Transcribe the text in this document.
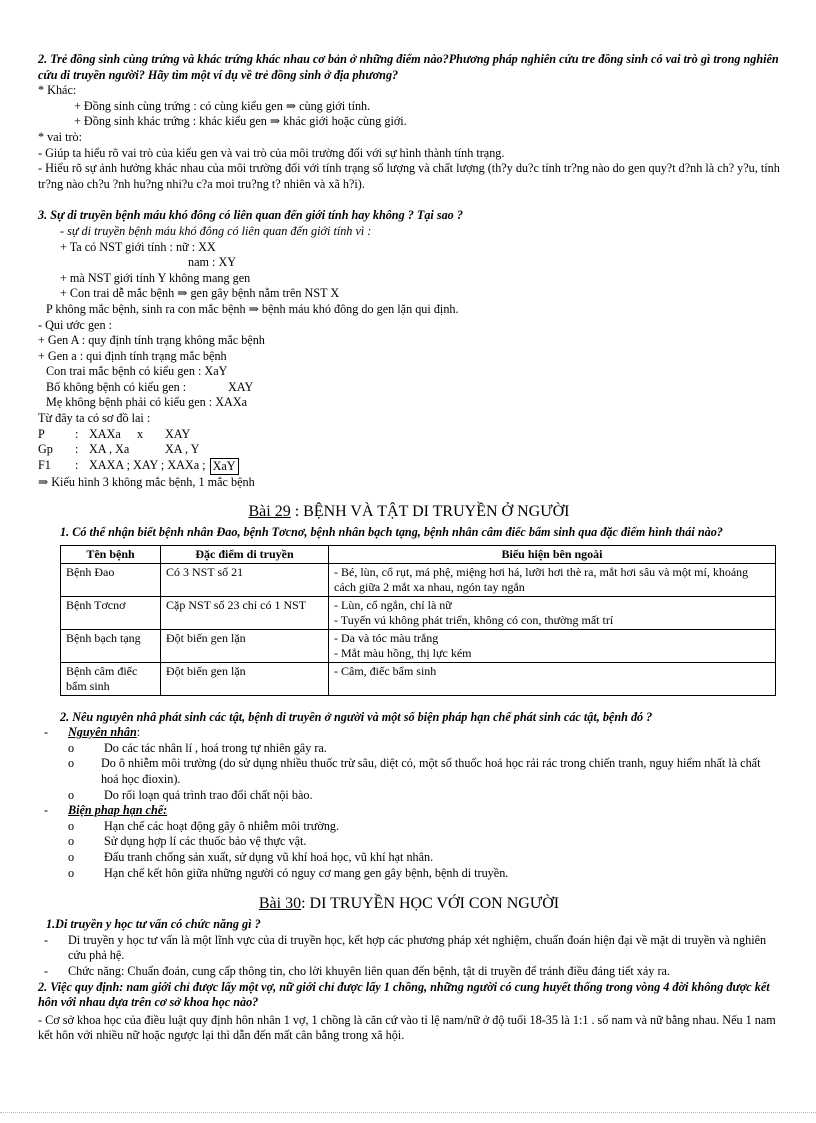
2. Trẻ đồng sinh cùng trứng và khác trứng khác nhau cơ bản ở những điểm nào?Phương pháp nghiên cứu tre đồng sinh có vai trò gì trong nghiên cứu di truyền người? Hãy tìm một ví dụ về trẻ đồng sinh ở địa phương?
* Khác:
+ Đồng sinh cùng trứng : có cùng kiểu gen ⇒ cùng giới tính.
+ Đồng sinh khác trứng : khác kiểu gen ⇒ khác giới hoặc cùng giới.
* vai trò:
- Giúp ta hiểu rõ vai trò của kiểu gen và vai trò của môi trường đối với sự hình thành tính trạng.
- Hiểu rõ sự ảnh hưởng khác nhau của môi trường đối với tính trạng số lượng và chất lượng (th?y du?c tính tr?ng nào do gen quy?t d?nh là ch? y?u, tính tr?ng nào ch?u ?nh hu?ng nhi?u c?a moi tru?ng t? nhiên và xã h?i).
3. Sự di truyền bệnh máu khó đông có liên quan đến giới tính hay không ? Tại sao ?
- sự di truyền bệnh máu khó đông có liên quan đến giới tính vì :
+ Ta có NST giới tính : nữ : XX
nam : XY
+ mà NST giới tính Y không mang gen
+ Con trai dễ mắc bệnh ⇒ gen gây bệnh nằm trên NST X
P không mắc bệnh, sinh ra con mắc bệnh ⇒ bệnh máu khó đông do gen lặn qui định.
- Qui ước gen :
+ Gen A : quy định tính trạng không mắc bệnh
+ Gen a : qui định tính trạng mắc bệnh
Con trai mắc bệnh có kiểu gen : XaY
Bố không bệnh có kiểu gen :	XAY
Mẹ không bệnh phải có kiểu gen : XAXa
Từ đây ta có sơ đồ lai :
P	: XAXa	x	XAY
Gp	: XA , Xa	XA , Y
F1	: XAXA ; XAY ; XAXa ; XaY
⇒ Kiểu hình 3 không mắc bệnh, 1 mắc bệnh
Bài 29 : BỆNH VÀ TẬT DI TRUYỀN Ở NGƯỜI
1. Có thể nhận biết bệnh nhân Đao, bệnh Tơcnơ, bệnh nhân bạch tạng, bệnh nhân câm điếc bẩm sinh qua đặc điểm hình thái nào?
Tên bệnh	Đặc điểm di truyền	Biểu hiện bên ngoài
Bệnh Đao	Có 3 NST số 21	- Bé, lùn, cổ rụt, má phệ, miệng hơi há, lưỡi hơi thè ra, mắt hơi sâu và một mí, khoảng cách giữa 2 mắt xa nhau, ngón tay ngắn

Bệnh Tơcnơ	Cặp NST số 23 chỉ có 1 NST	- Lùn, cổ ngắn, chỉ là nữ
- Tuyến vú không phát triển, không có con, thường mất trí

Bệnh bạch tạng	Đột biến gen lặn	- Da và tóc màu trắng
- Mắt màu hồng, thị lực kém

Bệnh câm điếc bẩm sinh	Đột biến gen lặn	- Câm, điếc bẩm sinh
2. Nêu nguyên nhâ phát sinh các tật, bệnh di truyền ở người và một số biện pháp hạn chế phát sinh các tật, bệnh đó ?
-	Nguyên nhân:
o	Do các tác nhân lí , hoá trong tự nhiên gây ra.
o	Do ô nhiễm môi trường (do sử dụng nhiều thuốc trừ sâu, diệt cỏ, một số thuốc hoá học rải rác trong chiến tranh, nguy hiểm nhất là chất hoá học đioxin).
o	Do rối loạn quá trình trao đổi chất nội bào.
-	Biện phap hạn chế:
o	Hạn chế các hoạt động gây ô nhiễm môi trường.
o	Sử dụng hợp lí các thuốc bảo vệ thực vật.
o	Đấu tranh chống sản xuất, sử dụng vũ khí hoá học, vũ khí hạt nhân.
o	Hạn chế kết hôn giữa những người có nguy cơ mang gen gây bệnh, bệnh di truyền.
Bài 30: DI TRUYỀN HỌC VỚI CON NGƯỜI
1.Di truyền y học tư vấn có chức năng gì ?
-	Di truyền y học tư vấn là một lĩnh vực của di truyền học, kết hợp các phương pháp xét nghiệm, chuẩn đoán hiện đại về mặt di truyền và nghiên cứu phả hệ.
-	Chức năng: Chuẩn đoán, cung cấp thông tin, cho lời khuyên liên quan đến bệnh, tật di truyền để tránh điều đáng tiết xảy ra.
2. Việc quy định: nam giới chỉ được lấy một vợ, nữ giới chỉ được lấy 1 chồng, những người có cung huyết thống trong vòng 4 đời không được kết hôn với nhau dựa trên cơ sở khoa học nào?
- Cơ sở khoa học của điều luật quy định hôn nhân 1 vợ, 1 chồng là căn cứ vào tỉ lệ nam/nữ ở độ tuổi 18-35 là 1:1 . số nam và nữ bằng nhau. Nếu 1 nam kết hôn với nhiều nữ hoặc ngược lại thì dẫn đến mất cân bằng trong xã hội.
